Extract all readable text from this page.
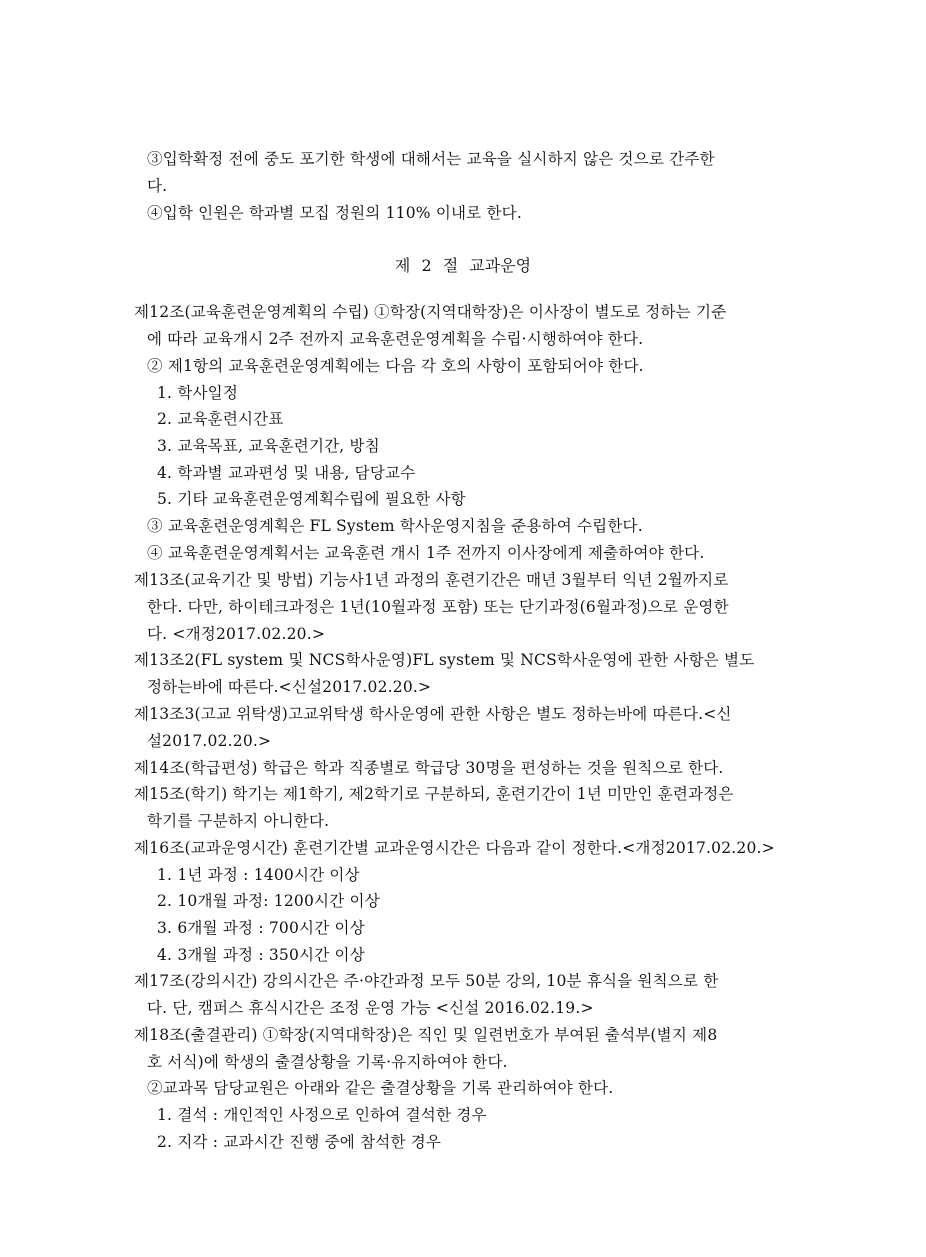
③입학확정 전에 중도 포기한 학생에 대해서는 교육을 실시하지 않은 것으로 간주한
다.
④입학 인원은 학과별 모집 정원의 110% 이내로 한다.
제 2 절 교과운영
제12조(교육훈련운영계획의 수립) ①학장(지역대학장)은 이사장이 별도로 정하는 기준
에 따라 교육개시 2주 전까지 교육훈련운영계획을 수립·시행하여야 한다.
② 제1항의 교육훈련운영계획에는 다음 각 호의 사항이 포함되어야 한다.
1. 학사일정
2. 교육훈련시간표
3. 교육목표, 교육훈련기간, 방침
4. 학과별 교과편성 및 내용, 담당교수
5. 기타 교육훈련운영계획수립에 필요한 사항
③ 교육훈련운영계획은 FL System 학사운영지침을 준용하여 수립한다.
④ 교육훈련운영계획서는 교육훈련 개시 1주 전까지 이사장에게 제출하여야 한다.
제13조(교육기간 및 방법) 기능사1년 과정의 훈련기간은 매년 3월부터 익년 2월까지로
한다. 다만, 하이테크과정은 1년(10월과정 포함) 또는 단기과정(6월과정)으로 운영한
다. <개정2017.02.20.>
제13조2(FL system 및 NCS학사운영)FL system 및 NCS학사운영에 관한 사항은 별도
정하는바에 따른다.<신설2017.02.20.>
제13조3(고교 위탁생)고교위탁생 학사운영에 관한 사항은 별도 정하는바에 따른다.<신
설2017.02.20.>
제14조(학급편성) 학급은 학과 직종별로 학급당 30명을 편성하는 것을 원칙으로 한다.
제15조(학기) 학기는 제1학기, 제2학기로 구분하되, 훈련기간이 1년 미만인 훈련과정은
학기를 구분하지 아니한다.
제16조(교과운영시간) 훈련기간별 교과운영시간은 다음과 같이 정한다.<개정2017.02.20.>
1. 1년 과정 : 1400시간 이상
2. 10개월 과정: 1200시간 이상
3. 6개월 과정 : 700시간 이상
4. 3개월 과정 : 350시간 이상
제17조(강의시간) 강의시간은 주·야간과정 모두 50분 강의, 10분 휴식을 원칙으로 한
다. 단, 캠퍼스 휴식시간은 조정 운영 가능 <신설 2016.02.19.>
제18조(출결관리) ①학장(지역대학장)은 직인 및 일련번호가 부여된 출석부(별지 제8
호 서식)에 학생의 출결상황을 기록·유지하여야 한다.
②교과목 담당교원은 아래와 같은 출결상황을 기록 관리하여야 한다.
1. 결석 : 개인적인 사정으로 인하여 결석한 경우
2. 지각 : 교과시간 진행 중에 참석한 경우
